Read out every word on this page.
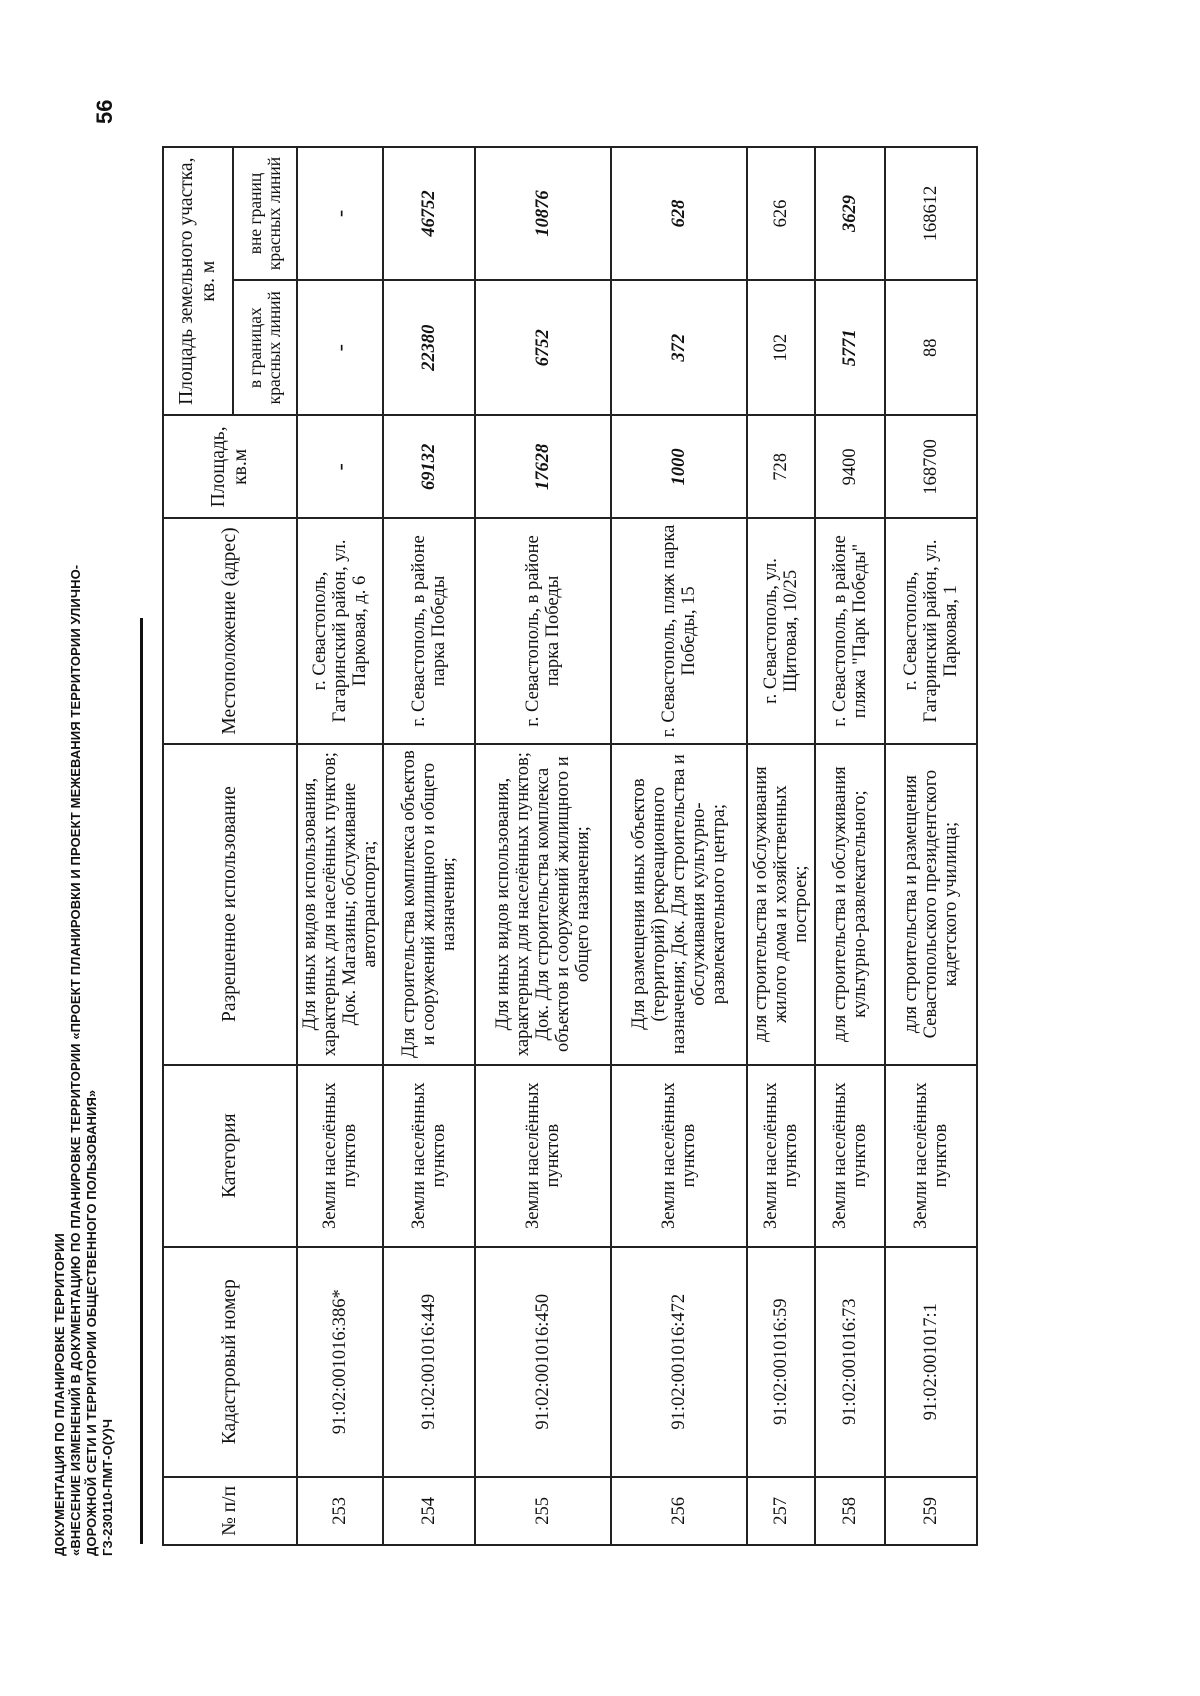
56
ДОКУМЕНТАЦИЯ ПО ПЛАНИРОВКЕ ТЕРРИТОРИИ «ВНЕСЕНИЕ ИЗМЕНЕНИЙ В ДОКУМЕНТАЦИЮ ПО ПЛАНИРОВКЕ ТЕРРИТОРИИ «ПРОЕКТ ПЛАНИРОВКИ И ПРОЕКТ МЕЖЕВАНИЯ ТЕРРИТОРИИ УЛИЧНО- ДОРОЖНОЙ СЕТИ И ТЕРРИТОРИИ ОБЩЕСТВЕННОГО ПОЛЬЗОВАНИЯ» ГЗ-230110-ПМТ-О(У)Ч	№ п/п	Кадастровый номер	Категория	Разрешенное использование	Местоположение (адрес)	Площадь, кв.м	Площадь земельного участка, кв. м	
						в границах красных линий	вне границ красных линий
253	91:02:001016:386*	Земли населённых пунктов	Для иных видов использования, характерных для населённых пунктов; Док. Магазины; обслуживание автотранспорта;	г. Севастополь, Гагаринский район, ул. Парковая, д. 6	-	-	-
254	91:02:001016:449	Земли населённых пунктов	Для строительства комплекса объектов и сооружений жилищного и общего назначения;	г. Севастополь, в районе парка Победы	69132	22380	46752
255	91:02:001016:450	Земли населённых пунктов	Для иных видов использования, характерных для населённых пунктов; Док. Для строительства комплекса объектов и сооружений жилищного и общего назначения;	г. Севастополь, в районе парка Победы	17628	6752	10876
256	91:02:001016:472	Земли населённых пунктов	Для размещения иных объектов (территорий) рекреационного назначения; Док. Для строительства и обслуживания культурно-развлекательного центра;	г. Севастополь, пляж парка Победы, 15	1000	372	628
257	91:02:001016:59	Земли населённых пунктов	для строительства и обслуживания жилого дома и хозяйственных построек;	г. Севастополь, ул. Щитовая, 10/25	728	102	626
258	91:02:001016:73	Земли населённых пунктов	для строительства и обслуживания культурно-развлекательного;	г. Севастополь, в районе пляжа "Парк Победы"	9400	5771	3629
259	91:02:001017:1	Земли населённых пунктов	для строительства и размещения Севастопольского президентского кадетского училища;	г. Севастополь, Гагаринский район, ул. Парковая, 1	168700	88	168612
